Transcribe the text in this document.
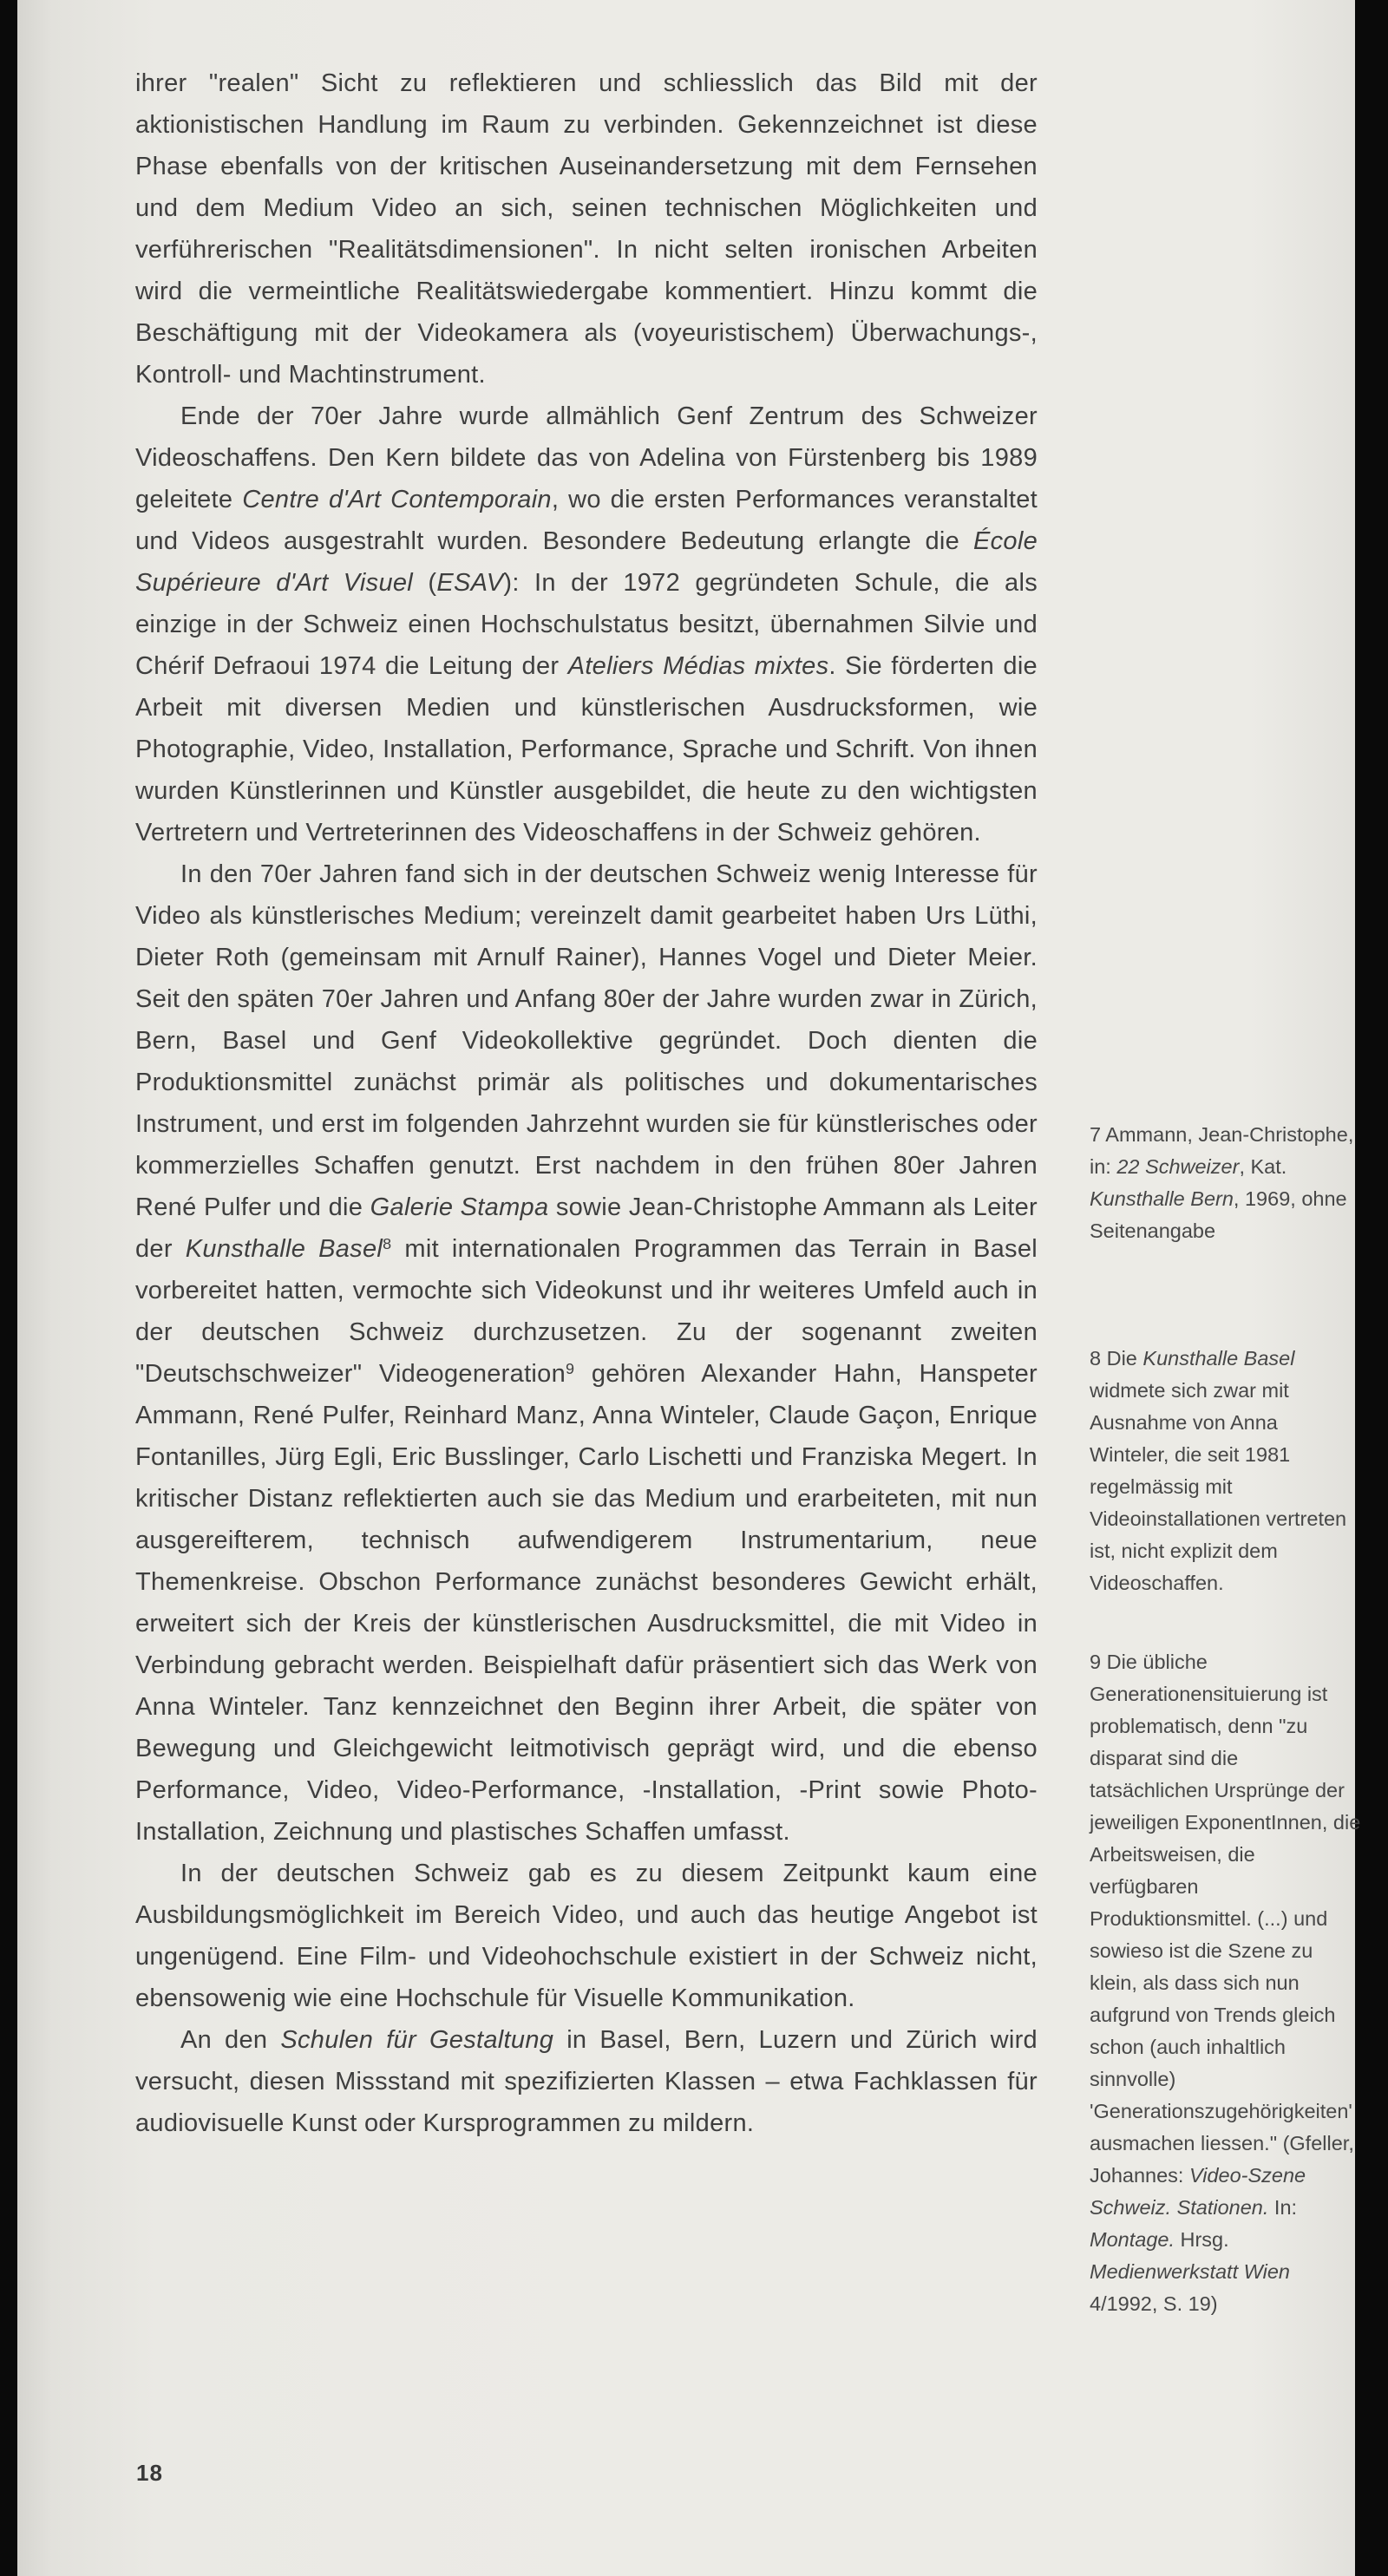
ihrer "realen" Sicht zu reflektieren und schliesslich das Bild mit der aktionistischen Handlung im Raum zu verbinden. Gekennzeichnet ist diese Phase ebenfalls von der kritischen Auseinandersetzung mit dem Fernsehen und dem Medium Video an sich, seinen technischen Möglichkeiten und verführerischen "Realitätsdimensionen". In nicht selten ironischen Arbeiten wird die vermeintliche Realitätswiedergabe kommentiert. Hinzu kommt die Beschäftigung mit der Videokamera als (voyeuristischem) Überwachungs-, Kontroll- und Machtinstrument.

Ende der 70er Jahre wurde allmählich Genf Zentrum des Schweizer Videoschaffens. Den Kern bildete das von Adelina von Fürstenberg bis 1989 geleitete Centre d'Art Contemporain, wo die ersten Performances veranstaltet und Videos ausgestrahlt wurden. Besondere Bedeutung erlangte die École Supérieure d'Art Visuel (ESAV): In der 1972 gegründeten Schule, die als einzige in der Schweiz einen Hochschulstatus besitzt, übernahmen Silvie und Chérif Defraoui 1974 die Leitung der Ateliers Médias mixtes. Sie förderten die Arbeit mit diversen Medien und künstlerischen Ausdrucksformen, wie Photographie, Video, Installation, Performance, Sprache und Schrift. Von ihnen wurden Künstlerinnen und Künstler ausgebildet, die heute zu den wichtigsten Vertretern und Vertreterinnen des Videoschaffens in der Schweiz gehören.

In den 70er Jahren fand sich in der deutschen Schweiz wenig Interesse für Video als künstlerisches Medium; vereinzelt damit gearbeitet haben Urs Lüthi, Dieter Roth (gemeinsam mit Arnulf Rainer), Hannes Vogel und Dieter Meier. Seit den späten 70er Jahren und Anfang 80er der Jahre wurden zwar in Zürich, Bern, Basel und Genf Videokollektive gegründet. Doch dienten die Produktionsmittel zunächst primär als politisches und dokumentarisches Instrument, und erst im folgenden Jahrzehnt wurden sie für künstlerisches oder kommerzielles Schaffen genutzt. Erst nachdem in den frühen 80er Jahren René Pulfer und die Galerie Stampa sowie Jean-Christophe Ammann als Leiter der Kunsthalle Basel$^8$ mit internationalen Programmen das Terrain in Basel vorbereitet hatten, vermochte sich Videokunst und ihr weiteres Umfeld auch in der deutschen Schweiz durchzusetzen. Zu der sogenannt zweiten "Deutschschweizer" Videogeneration$^9$ gehören Alexander Hahn, Hanspeter Ammann, René Pulfer, Reinhard Manz, Anna Winteler, Claude Gaçon, Enrique Fontanilles, Jürg Egli, Eric Busslinger, Carlo Lischetti und Franziska Megert. In kritischer Distanz reflektierten auch sie das Medium und erarbeiteten, mit nun ausgereifterem, technisch aufwendigerem Instrumentarium, neue Themenkreise. Obschon Performance zunächst besonderes Gewicht erhält, erweitert sich der Kreis der künstlerischen Ausdrucksmittel, die mit Video in Verbindung gebracht werden. Beispielhaft dafür präsentiert sich das Werk von Anna Winteler. Tanz kennzeichnet den Beginn ihrer Arbeit, die später von Bewegung und Gleichgewicht leitmotivisch geprägt wird, und die ebenso Performance, Video, Video-Performance, -Installation, -Print sowie Photo-Installation, Zeichnung und plastisches Schaffen umfasst.

In der deutschen Schweiz gab es zu diesem Zeitpunkt kaum eine Ausbildungsmöglichkeit im Bereich Video, und auch das heutige Angebot ist ungenügend. Eine Film- und Videohochschule existiert in der Schweiz nicht, ebensowenig wie eine Hochschule für Visuelle Kommunikation.

An den Schulen für Gestaltung in Basel, Bern, Luzern und Zürich wird versucht, diesen Missstand mit spezifizierten Klassen – etwa Fachklassen für audiovisuelle Kunst oder Kursprogrammen zu mildern.

7 Ammann, Jean-Christophe, in: 22 Schweizer, Kat. Kunsthalle Bern, 1969, ohne Seitenangabe
8 Die Kunsthalle Basel widmete sich zwar mit Ausnahme von Anna Winteler, die seit 1981 regelmässig mit Videoinstallationen vertreten ist, nicht explizit dem Videoschaffen.
9 Die übliche Generationensituierung ist problematisch, denn "zu disparat sind die tatsächlichen Ursprünge der jeweiligen ExponentInnen, die Arbeitsweisen, die verfügbaren Produktionsmittel. (...) und sowieso ist die Szene zu klein, als dass sich nun aufgrund von Trends gleich schon (auch inhaltlich sinnvolle) 'Generationszugehörigkeiten' ausmachen liessen." (Gfeller, Johannes: Video-Szene Schweiz. Stationen. In: Montage. Hrsg. Medienwerkstatt Wien 4/1992, S. 19)
18
